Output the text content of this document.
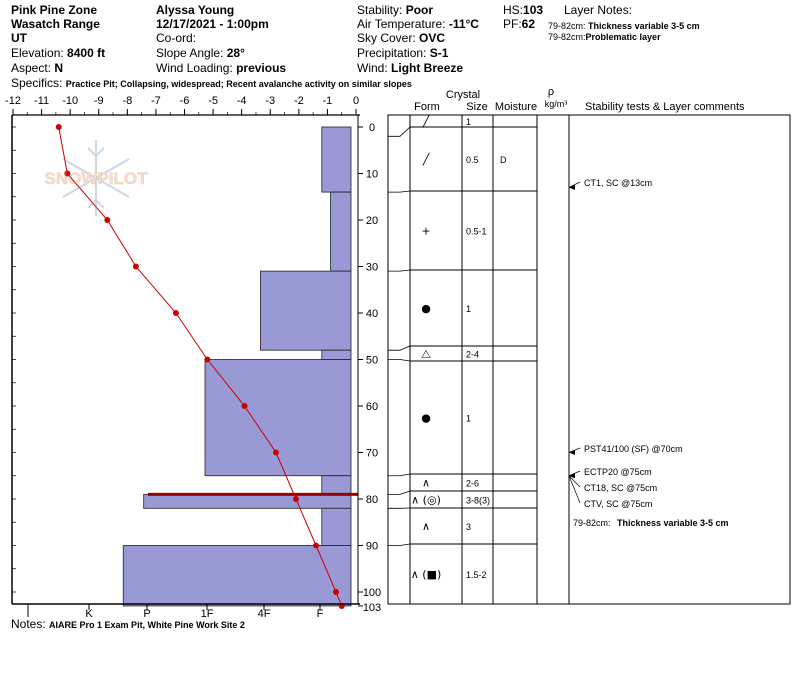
Pink Pine Zone
Wasatch Range
UT
Elevation: 8400 ft
Aspect: N
Alyssa Young
12/17/2021 - 1:00pm
Co-ord:
Slope Angle: 28°
Wind Loading: previous
Stability: Poor
Air Temperature: -11°C
Sky Cover: OVC
Precipitation: S-1
Wind: Light Breeze
HS:103
PF:62
Layer Notes:
79-82cm: Thickness variable 3-5 cm
79-82cm:Problematic layer
Specifics: Practice Pit; Collapsing, widespread; Recent avalanche activity on similar slopes
-12 -11 -10 -9 -8 -7 -6 -5 -4 -3 -2 -1 0
I	K	P	1F	4F	F
0
10
20
30
40
50
60
70
80
90
100
103
Form
Crystal
Size Moisture
ρ
kg/m³ Stability tests & Layer comments
╱	1
╱	0.5 D
+	0.5-1
●	1
⧍	2-4
●	1
∧	2-6
∧ (◎)	3-8(3)
∧	3
∧ (■)	1.5-2
CT1, SC @13cm
PST41/100 (SF) @70cm
ECTP20 @75cm
CT18, SC @75cm
CTV, SC @75cm
79-82cm: Thickness variable 3-5 cm
SNOWPILOT
Notes: AIARE Pro 1 Exam Pit, White Pine Work Site 2
